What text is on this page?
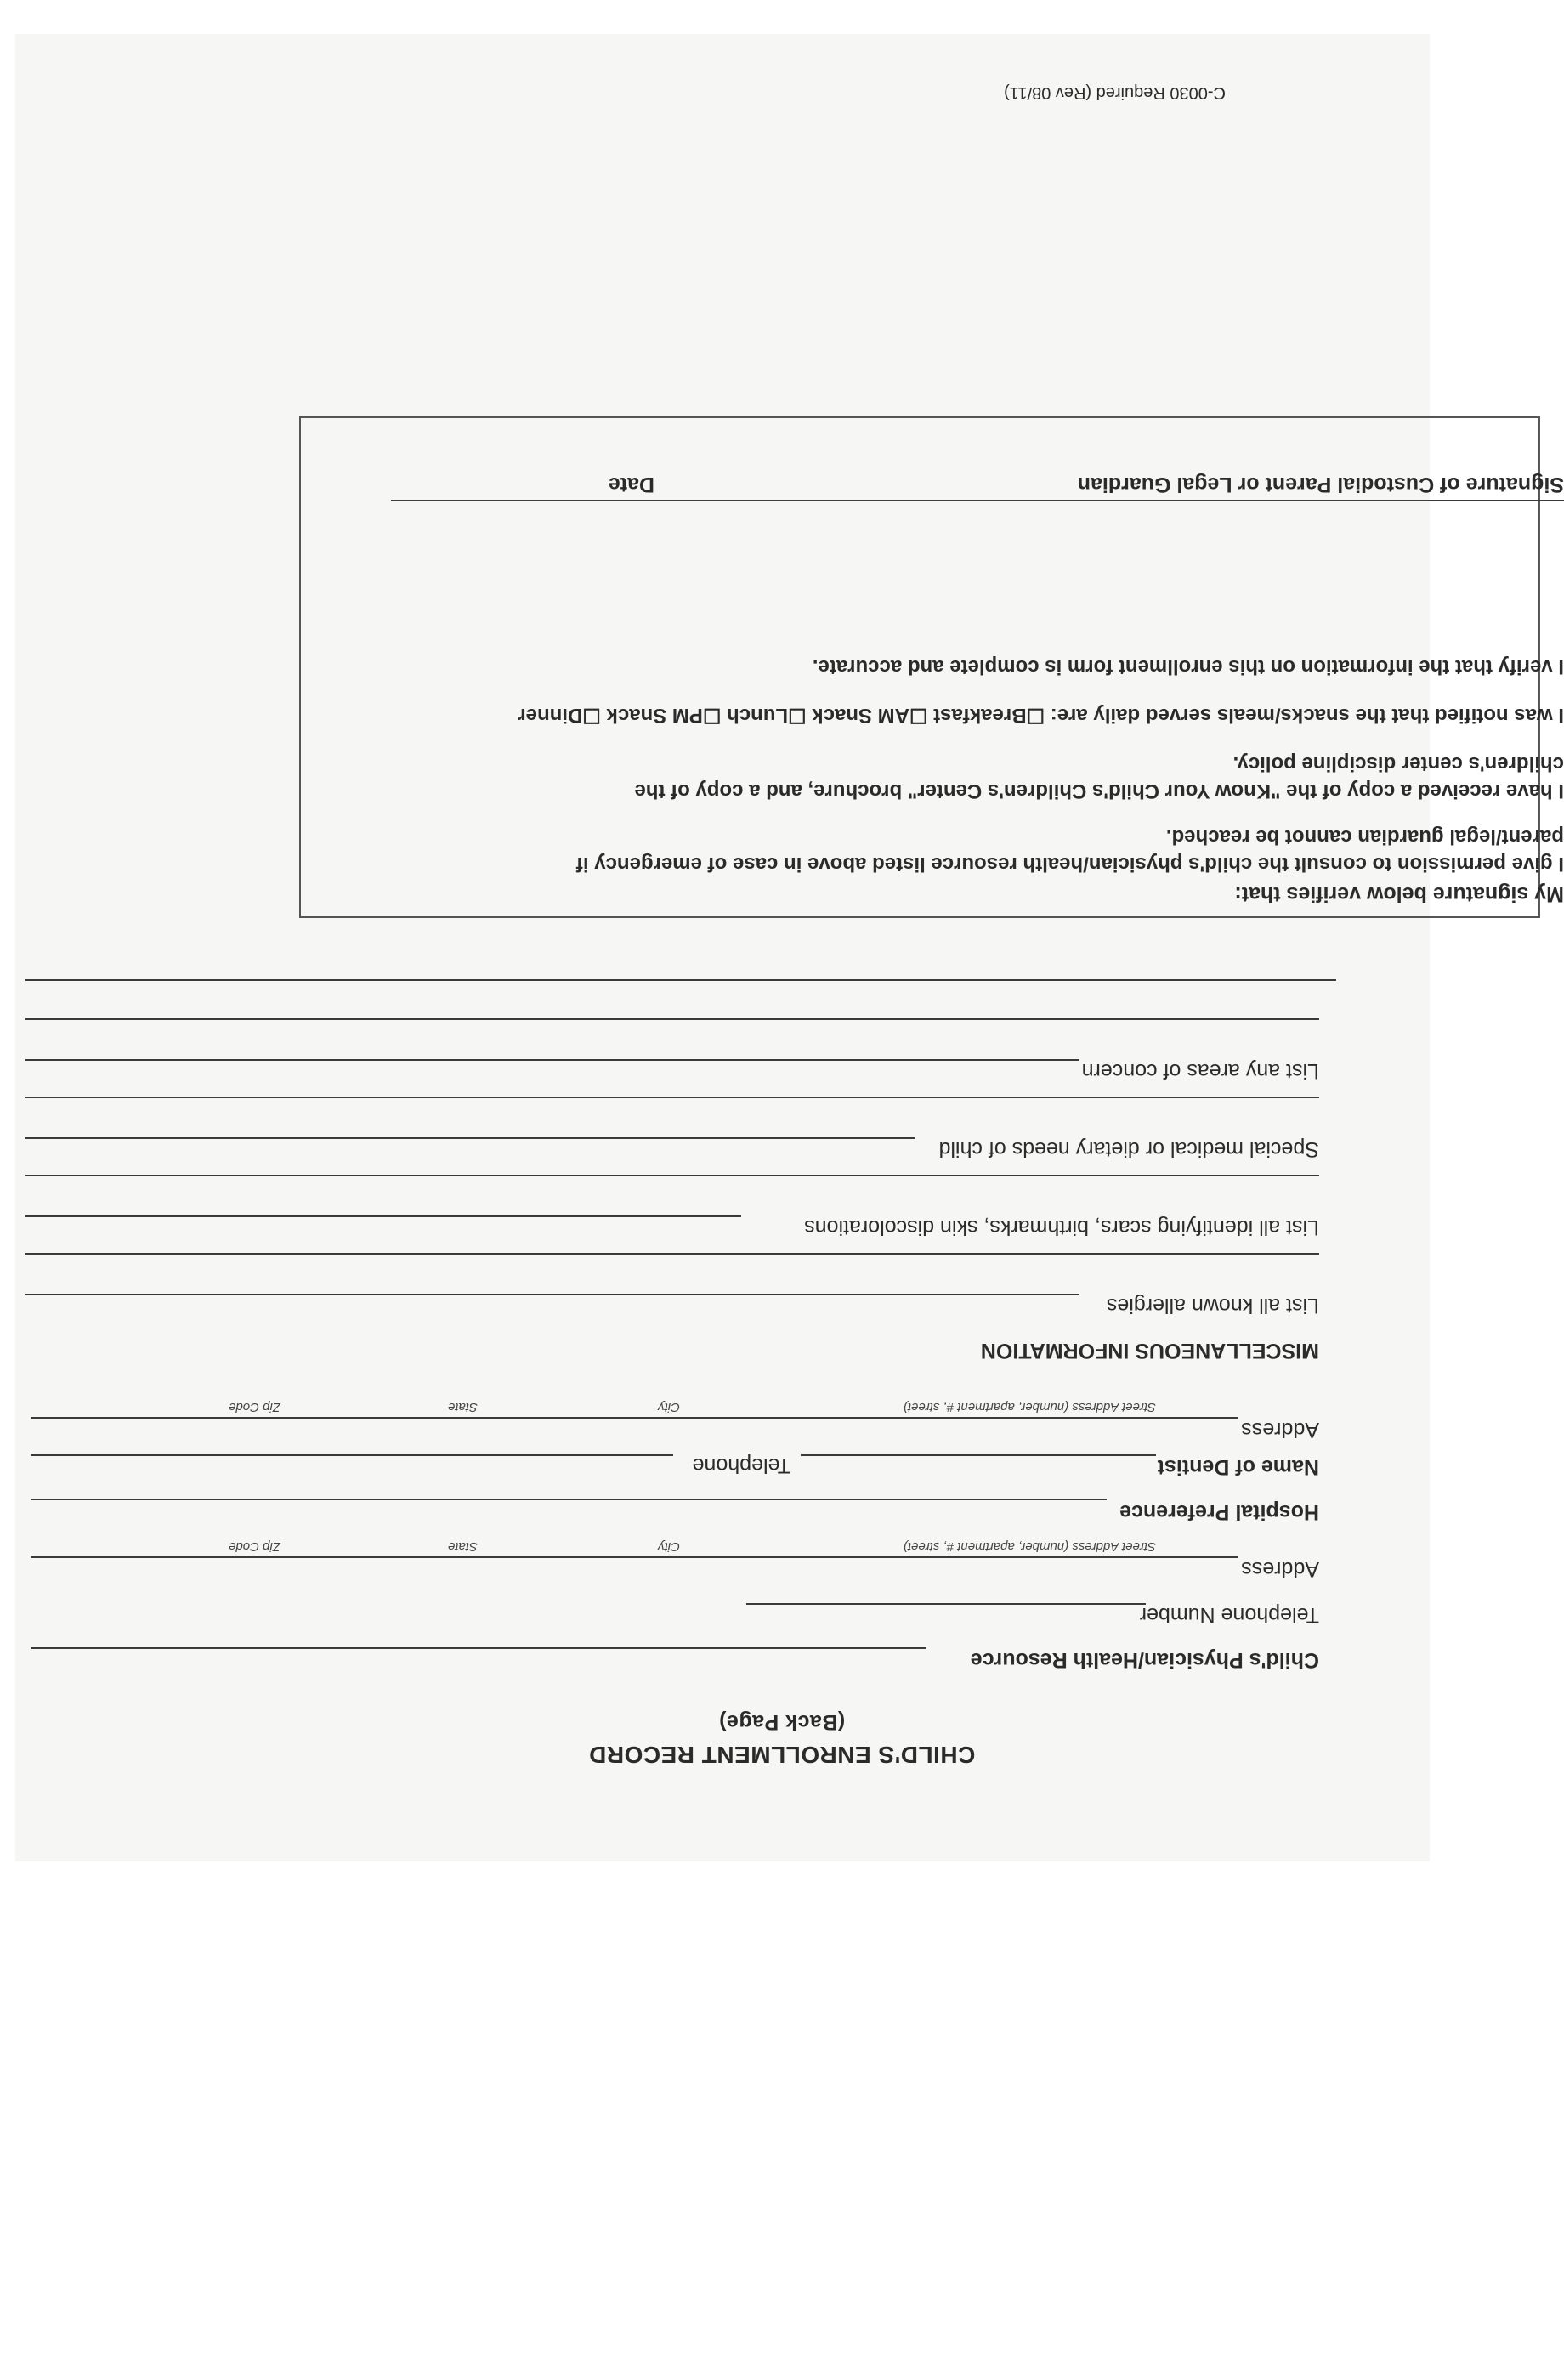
C-0030 Required (Rev 08/11)
CHILD'S ENROLLMENT RECORD
(Back Page)
Child's Physician/Health Resource
Telephone Number
Address
Street Address (number, apartment #, street)
City
State
Zip Code
Hospital Preference
Name of Dentist
Telephone
Address
Street Address (number, apartment #, street)
City
State
Zip Code
MISCELLANEOUS INFORMATION
List all known allergies
List all identifying scars, birthmarks, skin discolorations
Special medical or dietary needs of child
List any areas of concern
My signature below verifies that:
I give permission to consult the child's physician/health resource listed above in case of emergency if
parent/legal guardian cannot be reached.
I have received a copy of the "Know Your Child's Children's Center" brochure, and a copy of the
children's center discipline policy.
I was notified that the snacks/meals served daily are: ☐Breakfast ☐AM Snack ☐Lunch ☐PM Snack ☐Dinner
I verify that the information on this enrollment form is complete and accurate.
Signature of Custodial Parent or Legal Guardian
Date
